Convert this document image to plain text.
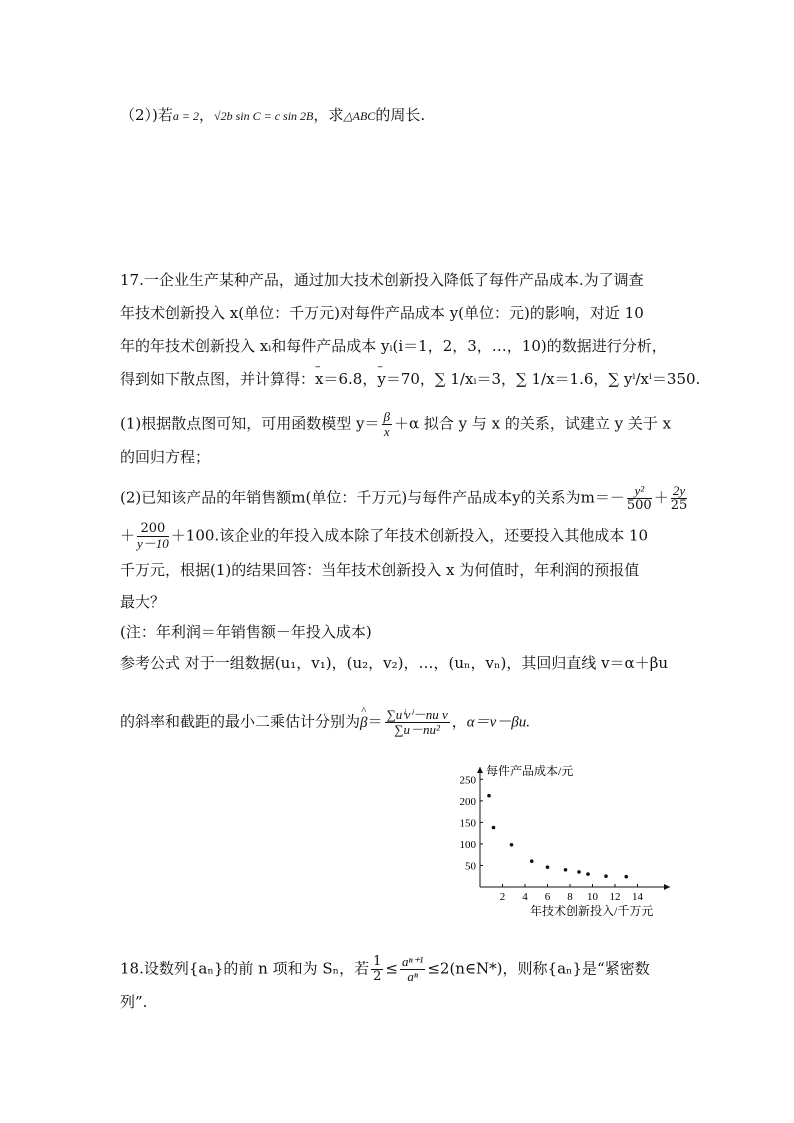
（2）)若a = 2，√2b sin C = c sin 2B，求△ABC的周长.
17.一企业生产某种产品，通过加大技术创新投入降低了每件产品成本.为了调查
年技术创新投入 x(单位：千万元)对每件产品成本 y(单位：元)的影响，对近 10
年的年技术创新投入 xᵢ和每件产品成本 yᵢ(i＝1，2，3，…，10)的数据进行分析，
得到如下散点图，并计算得：– x＝6.8，– y＝70，∑ 1/xᵢ＝3，∑ 1/x＝1.6，∑ yⁱ/xⁱ＝350.
(1)根据散点图可知，可用函数模型 $y= \frac{\beta}{x} +\alpha$ 拟合 y 与 x 的关系，试建立 y 关于 x
的回归方程；
(2)已知该产品的年销售额m(单位：千万元)与每件产品成本y的关系为$m=- \frac{\text{y²}}{500} + \frac{2y}{25}$
＋ $\frac{200}{y-10} +100$.该企业的年投入成本除了年技术创新投入，还要投入其他成本 10
千万元，根据(1)的结果回答：当年技术创新投入 x 为何值时，年利润的预报值
最大？
(注：年利润＝年销售额－年投入成本)
参考公式 对于一组数据(u₁，v₁)，(u₂，v₂)，…，(uₙ，vₙ)，其回归直线 v＝α＋βu
的斜率和截距的最小二乘估计分别为^ $\beta= \frac{\text{∑uⁱvⁱ－nu v}}{\text{∑u－nu²}}$ ，α＝v－βu.
2 4 6 8 10 12 14
50
100
150
200
250
每件产品成本/元
年技术创新投入/千万元
18.设数列{aₙ}的前 n 项和为 Sₙ，若 $\frac{1}{2} \le \frac{\text{aⁿ⁺¹}}{\text{aⁿ}}$ ≤2(n∈N*)，则称{aₙ}是“紧密数
列”.
